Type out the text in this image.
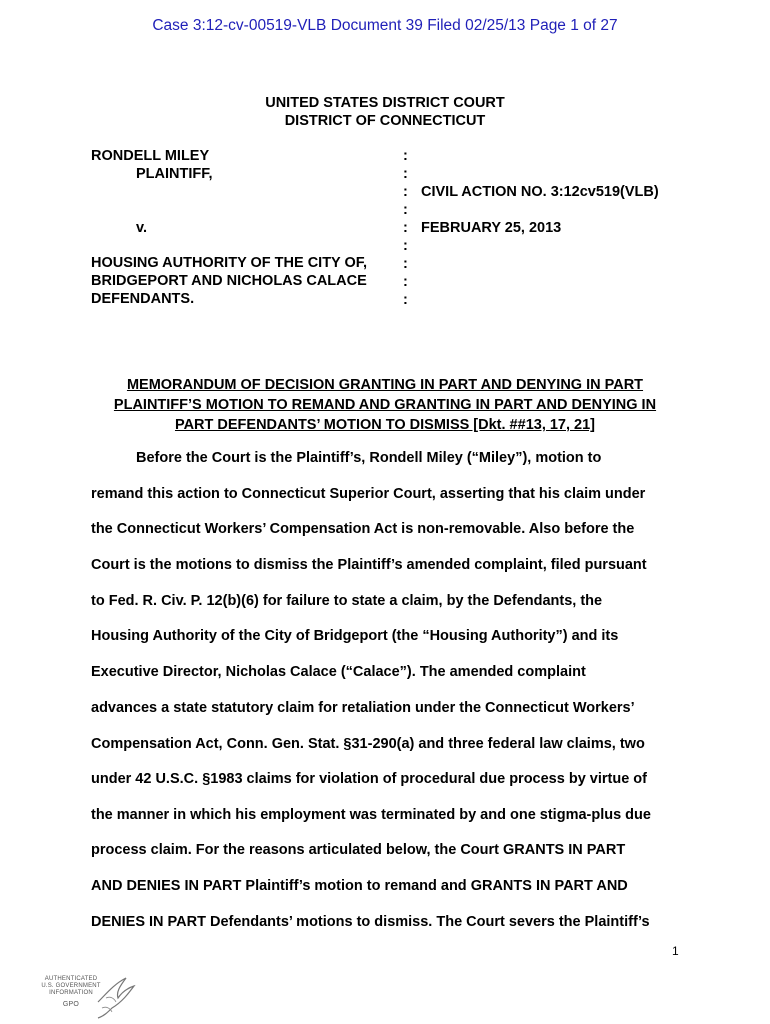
Case 3:12-cv-00519-VLB Document 39 Filed 02/25/13 Page 1 of 27
UNITED STATES DISTRICT COURT
DISTRICT OF CONNECTICUT
RONDELL MILEY
PLAINTIFF,
v.
HOUSING AUTHORITY OF THE CITY OF,
BRIDGEPORT AND NICHOLAS CALACE
DEFENDANTS.
:
:
:
:
:
:
:
:
:
CIVIL ACTION NO. 3:12cv519(VLB)
FEBRUARY 25, 2013
MEMORANDUM OF DECISION GRANTING IN PART AND DENYING IN PART
PLAINTIFF’S MOTION TO REMAND AND GRANTING IN PART AND DENYING IN
PART DEFENDANTS’ MOTION TO DISMISS [Dkt. ##13, 17, 21]
Before the Court is the Plaintiff’s, Rondell Miley (“Miley”), motion to
remand this action to Connecticut Superior Court, asserting that his claim under
the Connecticut Workers’ Compensation Act is non-removable. Also before the
Court is the motions to dismiss the Plaintiff’s amended complaint, filed pursuant
to Fed. R. Civ. P. 12(b)(6) for failure to state a claim, by the Defendants, the
Housing Authority of the City of Bridgeport (the “Housing Authority”) and its
Executive Director, Nicholas Calace (“Calace”). The amended complaint
advances a state statutory claim for retaliation under the Connecticut Workers’
Compensation Act, Conn. Gen. Stat. §31-290(a) and three federal law claims, two
under 42 U.S.C. §1983 claims for violation of procedural due process by virtue of
the manner in which his employment was terminated by and one stigma-plus due
process claim. For the reasons articulated below, the Court GRANTS IN PART
AND DENIES IN PART Plaintiff’s motion to remand and GRANTS IN PART AND
DENIES IN PART Defendants’ motions to dismiss. The Court severs the Plaintiff’s
1
AUTHENTICATED
U.S. GOVERNMENT
INFORMATION
GPO
